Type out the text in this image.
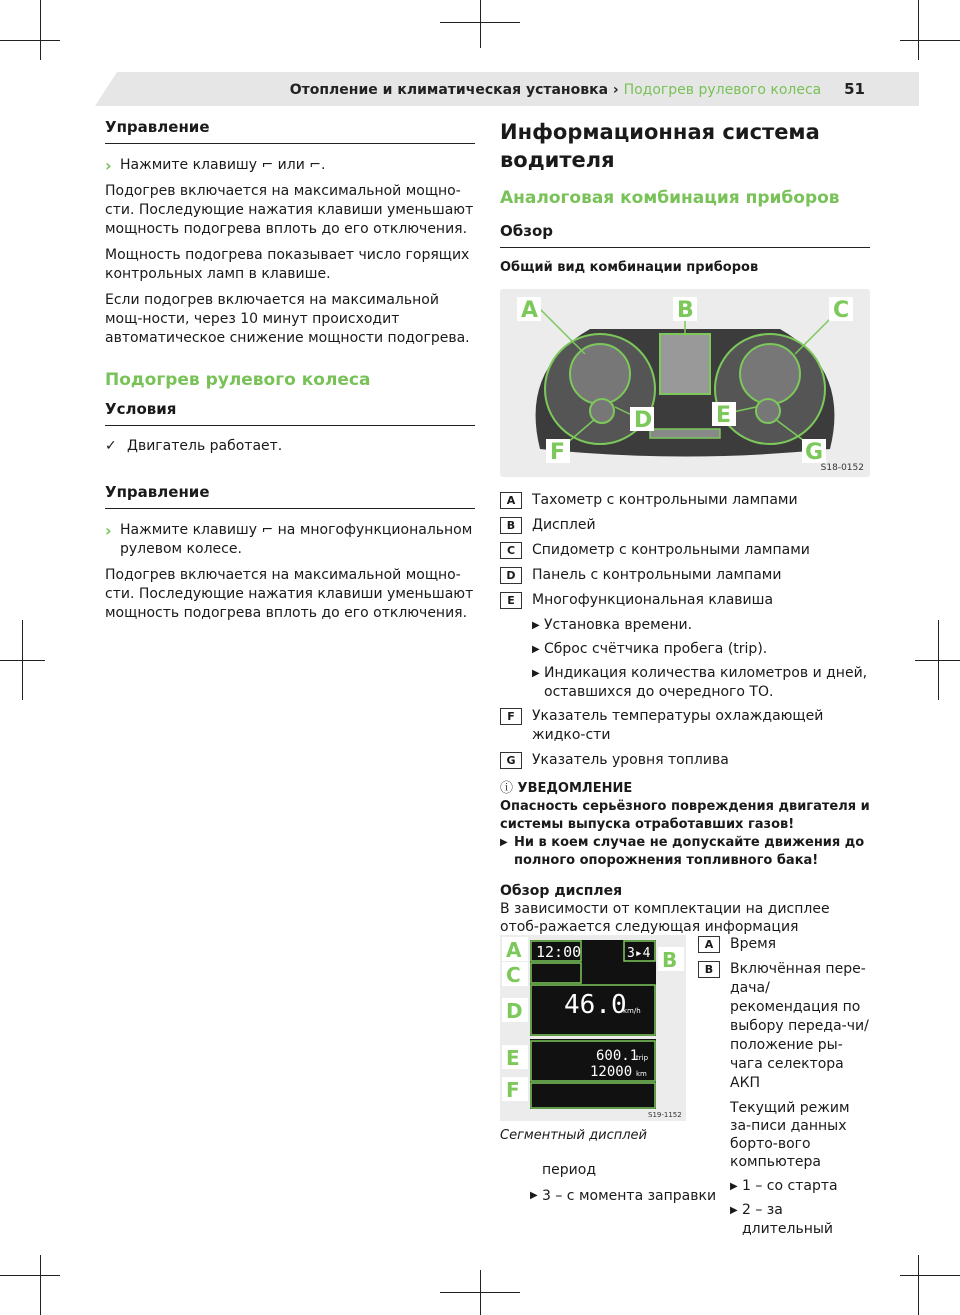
Отопление и климатическая установка › Подогрев рулевого колеса 51
Управление
› Нажмите клавишу ⌐ или ⌐.

Подогрев включается на максимальной мощно-сти. Последующие нажатия клавиши уменьшают мощность подогрева вплоть до его отключения.

Мощность подогрева показывает число горящих контрольных ламп в клавише.

Если подогрев включается на максимальной мощ-ности, через 10 минут происходит автоматическое снижение мощности подогрева.

Подогрев рулевого колеса
Условия
✓ Двигатель работает.
Управление
› Нажмите клавишу ⌐ на многофункциональном рулевом колесе.

Подогрев включается на максимальной мощно-сти. Последующие нажатия клавиши уменьшают мощность подогрева вплоть до его отключения.

Информационная система водителя
Аналоговая комбинация приборов
Обзор
Общий вид комбинации приборов
A	B	C
D	E
F	G
S18-0152
A	Тахометр с контрольными лампами
B	Дисплей
C	Спидометр с контрольными лампами
D	Панель с контрольными лампами
E	Многофункциональная клавиша
▶ Установка времени.
▶ Сброс счётчика пробега (trip).
▶ Индикация количества километров и дней, оставшихся до очередного ТО.
F	Указатель температуры охлаждающей жидко-сти
G	Указатель уровня топлива
ⓘ УВЕДОМЛЕНИЕ
Опасность серьёзного повреждения двигателя и системы выпуска отработавших газов!
▶ Ни в коем случае не допускайте движения до полного опорожнения топливного бака!
Обзор дисплея
В зависимости от комплектации на дисплее отоб-ражается следующая информация
12:00	3▸4
46.0
km/h
600.1
trip
12000 km
A	B
C
D
E
F
S19-1152
Сегментный дисплей
A	Время
B	Включённая пере-дача/рекомендация по выбору переда-чи/положение ры-чага селектора АКП
Текущий режим за-писи данных борто-вого компьютера
▶ 1 – со старта
▶ 2 – за длительный
период
▶ 3 – с момента заправки
